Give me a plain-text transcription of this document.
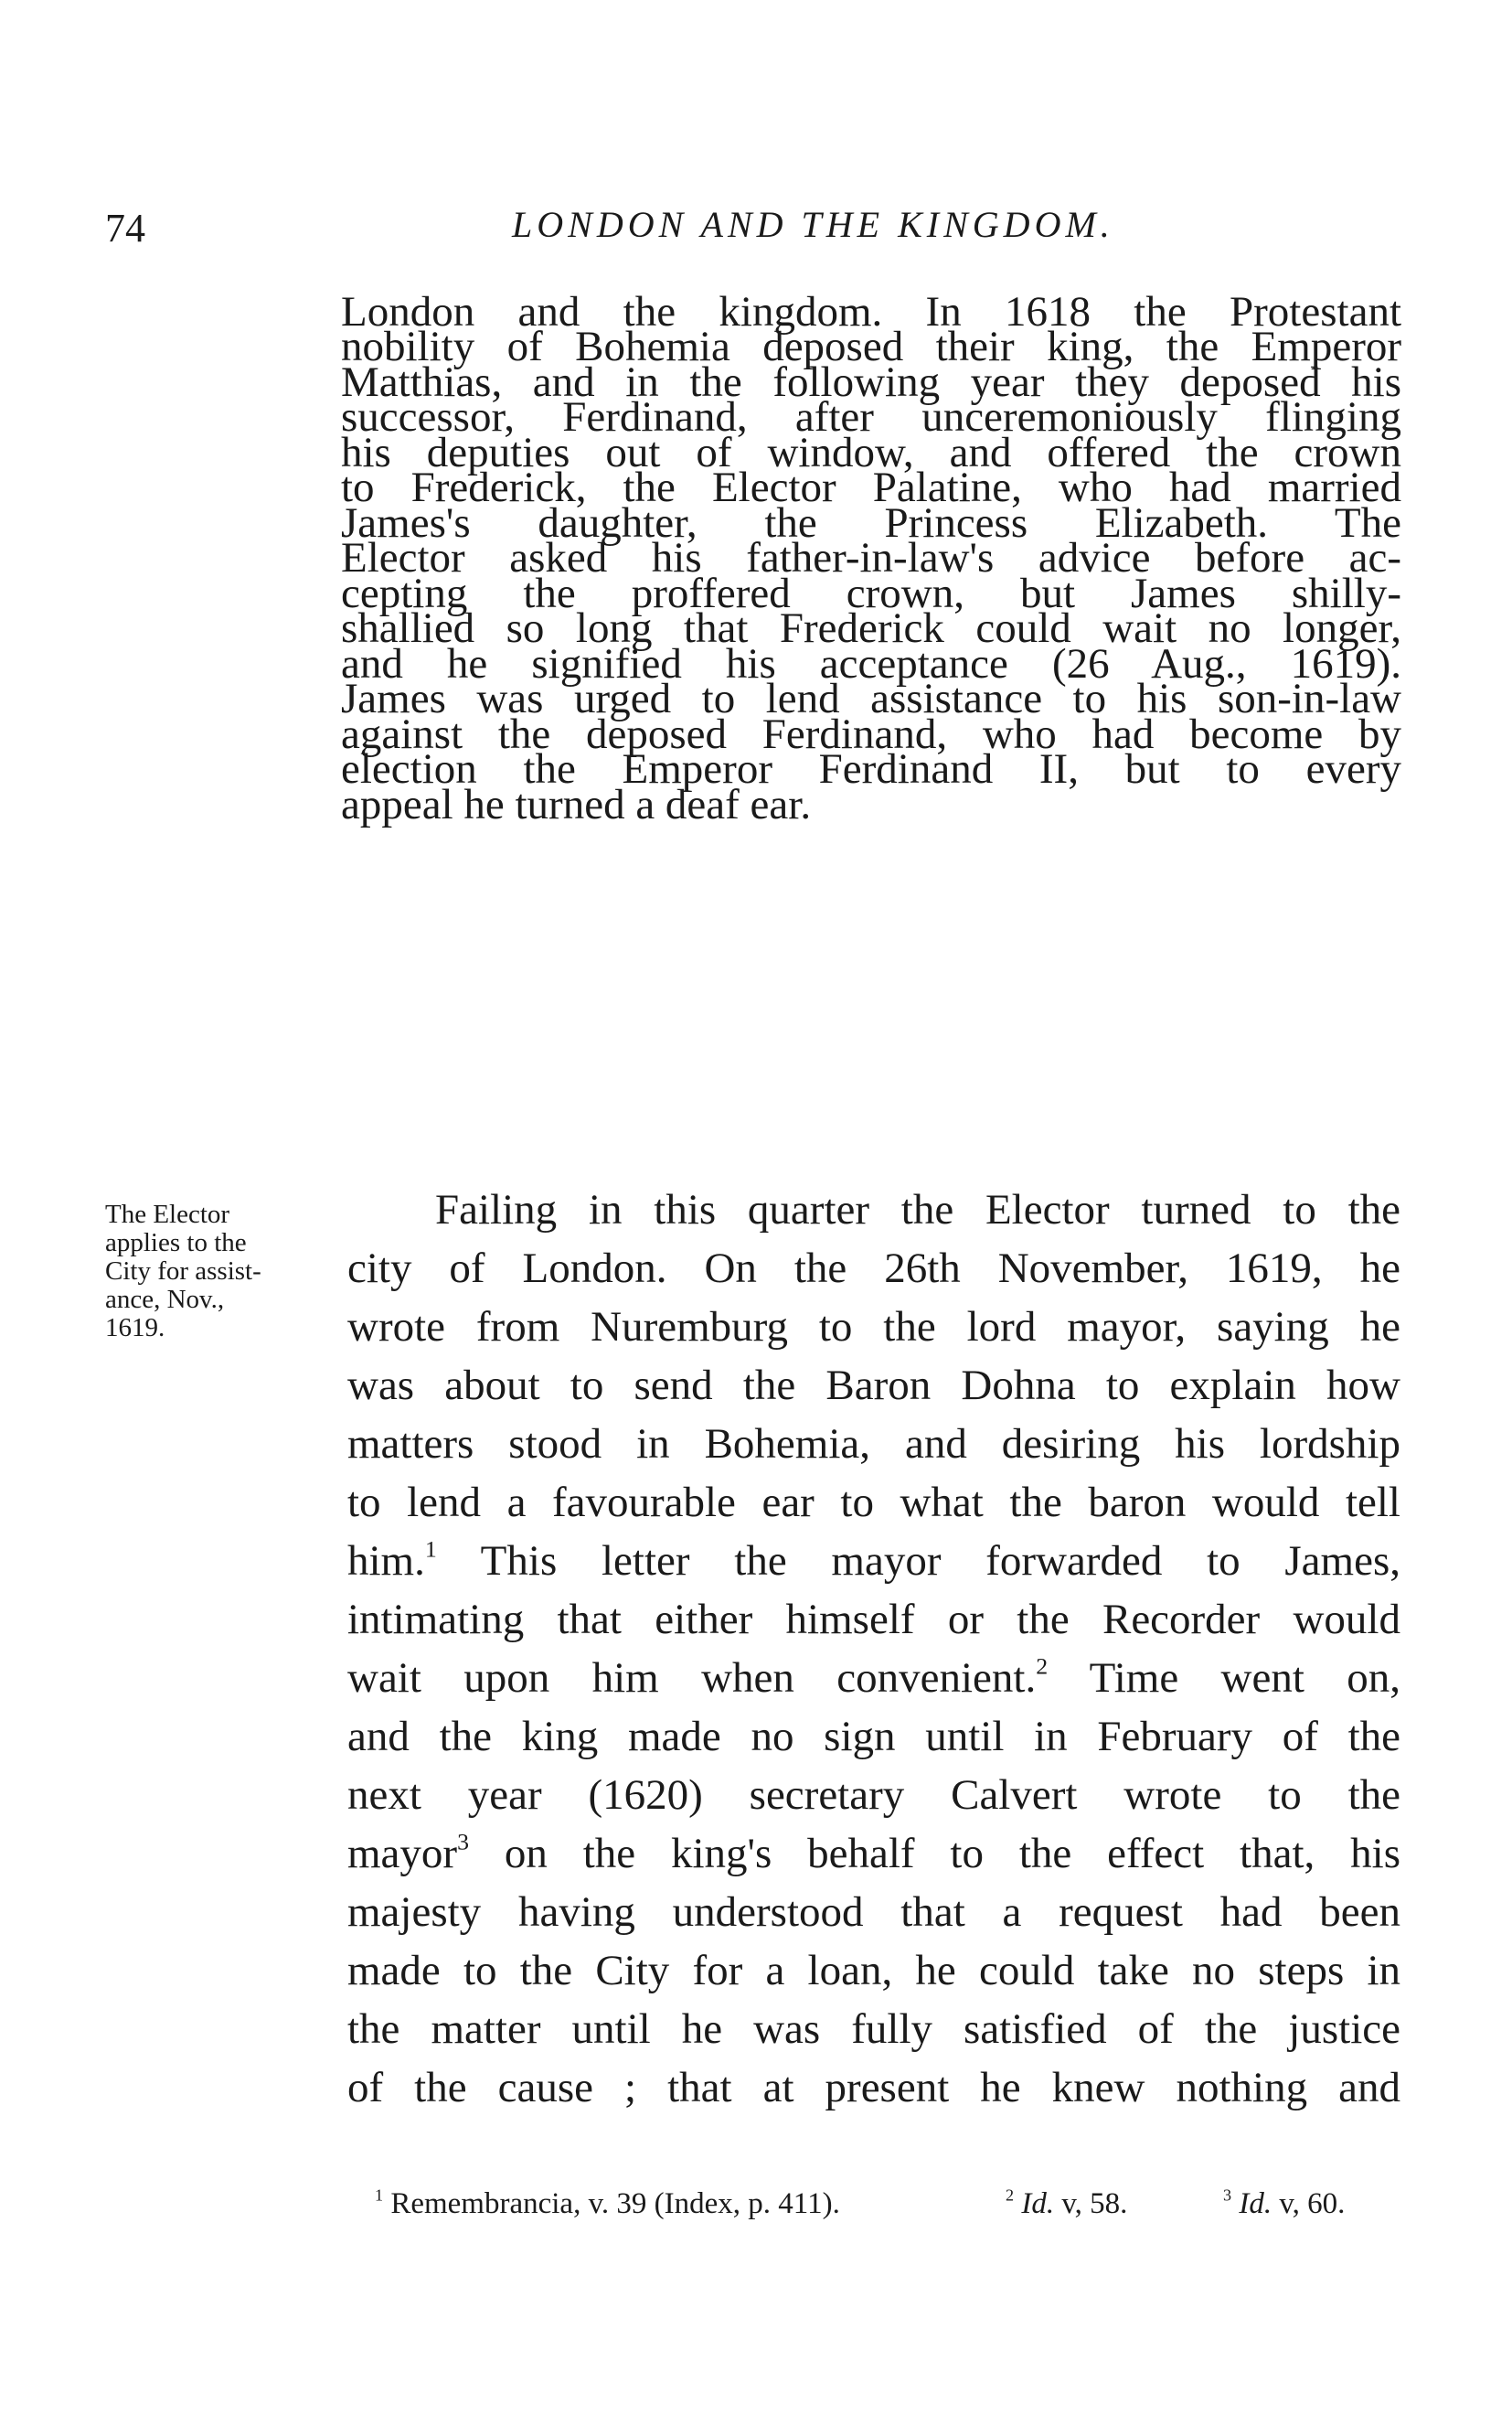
74	LONDON AND THE KINGDOM.
London and the kingdom. In 1618 the Protestant
nobility of Bohemia deposed their king, the Emperor
Matthias, and in the following year they deposed his
successor, Ferdinand, after unceremoniously flinging
his deputies out of window, and offered the crown
to Frederick, the Elector Palatine, who had married
James's daughter, the Princess Elizabeth. The
Elector asked his father-in-law's advice before ac-
cepting the proffered crown, but James shilly-
shallied so long that Frederick could wait no longer,
and he signified his acceptance (26 Aug., 1619).
James was urged to lend assistance to his son-in-law
against the deposed Ferdinand, who had become by
election the Emperor Ferdinand II, but to every
appeal he turned a deaf ear.
The Elector
applies to the
City for assist-
ance, Nov.,
1619.
Failing in this quarter the Elector turned to the
city of London. On the 26th November, 1619, he
wrote from Nuremburg to the lord mayor, saying he
was about to send the Baron Dohna to explain how
matters stood in Bohemia, and desiring his lordship
to lend a favourable ear to what the baron would tell
him.$^1$ This letter the mayor forwarded to James,
intimating that either himself or the Recorder would
wait upon him when convenient.$^2$ Time went on,
and the king made no sign until in February of the
next year (1620) secretary Calvert wrote to the
mayor$^3$ on the king's behalf to the effect that, his
majesty having understood that a request had been
made to the City for a loan, he could take no steps in
the matter until he was fully satisfied of the justice
of the cause ; that at present he knew nothing and
$^1$ Remembrancia, v. 39 (Index, p. 411).	$^2$ Id. v, 58.	$^3$ Id. v, 60.
